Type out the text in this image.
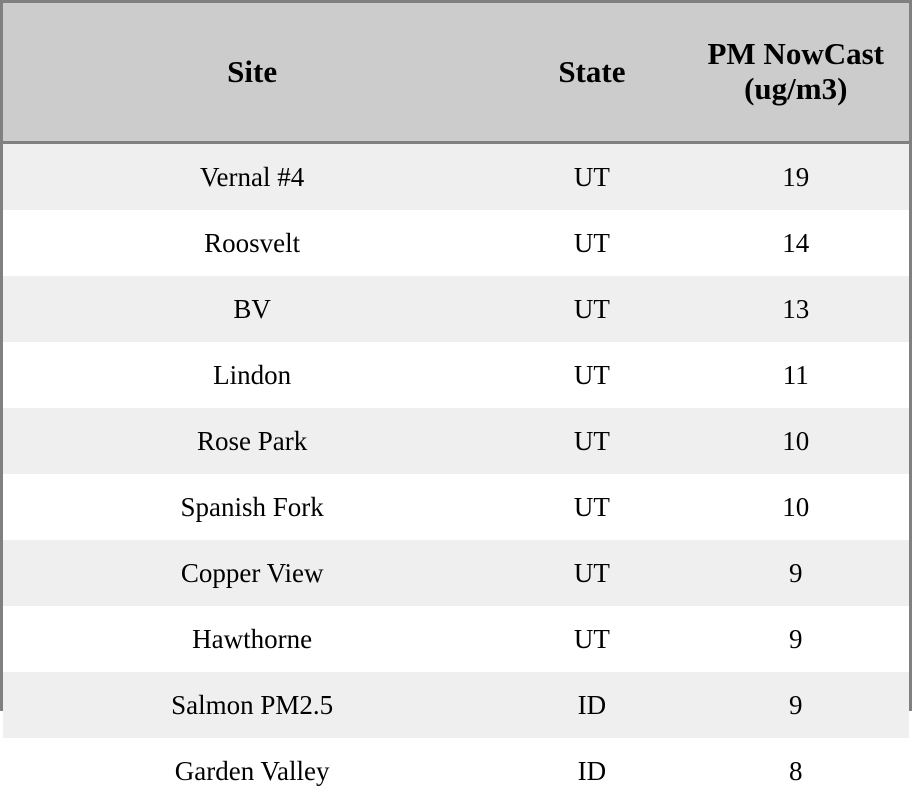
Site	State	PM NowCast (ug/m3)
Vernal #4	UT	19
Roosvelt	UT	14
BV	UT	13
Lindon	UT	11
Rose Park	UT	10
Spanish Fork	UT	10
Copper View	UT	9
Hawthorne	UT	9
Salmon PM2.5	ID	9
Garden Valley	ID	8
